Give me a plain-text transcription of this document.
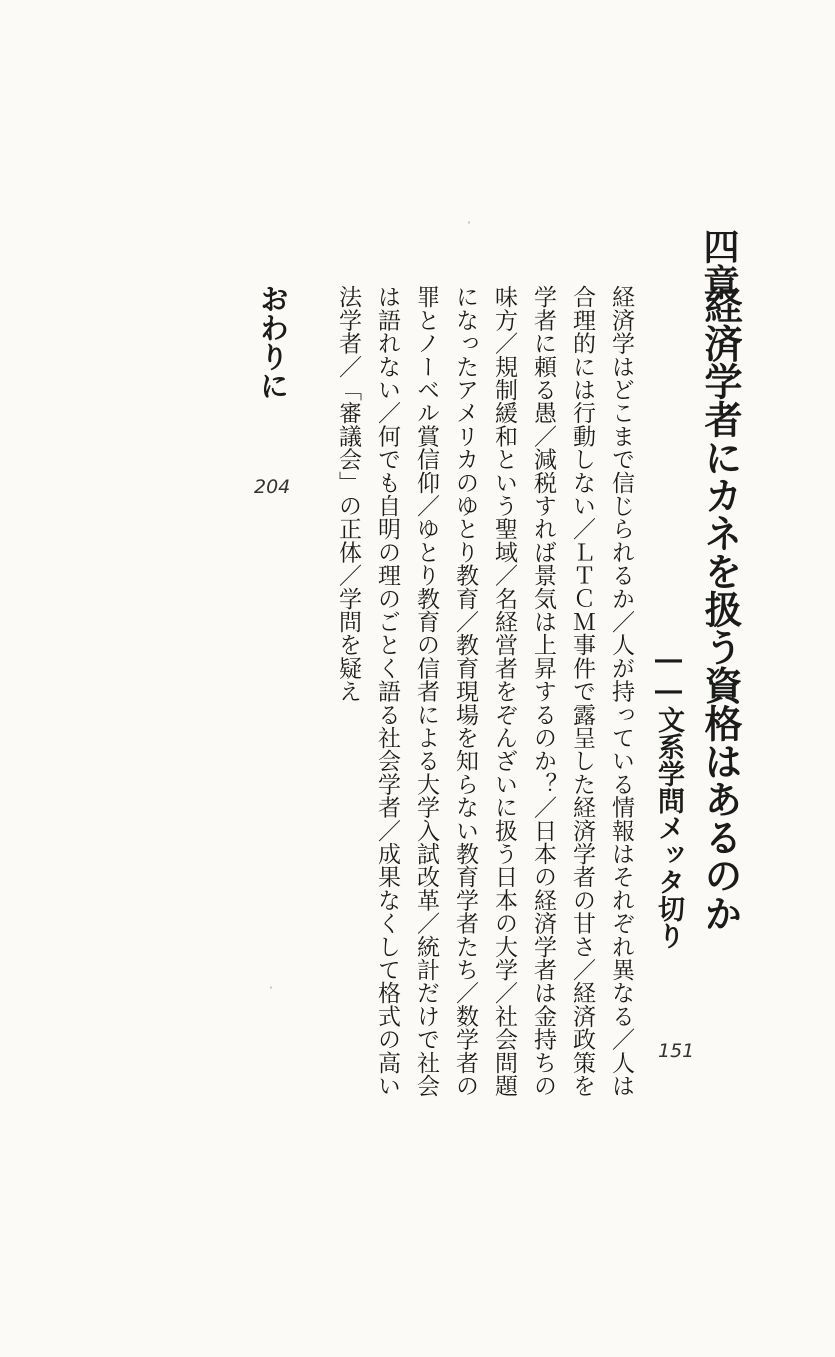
四章
経済学者にカネを扱う資格はあるのか
――文系学問メッタ切り
151
経済学はどこまで信じられるか／人が持っている情報はそれぞれ異なる／人は
合理的には行動しない／ＬＴＣＭ事件で露呈した経済学者の甘さ／経済政策を
学者に頼る愚／減税すれば景気は上昇するのか？／日本の経済学者は金持ちの
味方／規制緩和という聖域／名経営者をぞんざいに扱う日本の大学／社会問題
になったアメリカのゆとり教育／教育現場を知らない教育学者たち／数学者の
罪とノーベル賞信仰／ゆとり教育の信者による大学入試改革／統計だけで社会
は語れない／何でも自明の理のごとく語る社会学者／成果なくして格式の高い
法学者／「審議会」の正体／学問を疑え
おわりに
204
